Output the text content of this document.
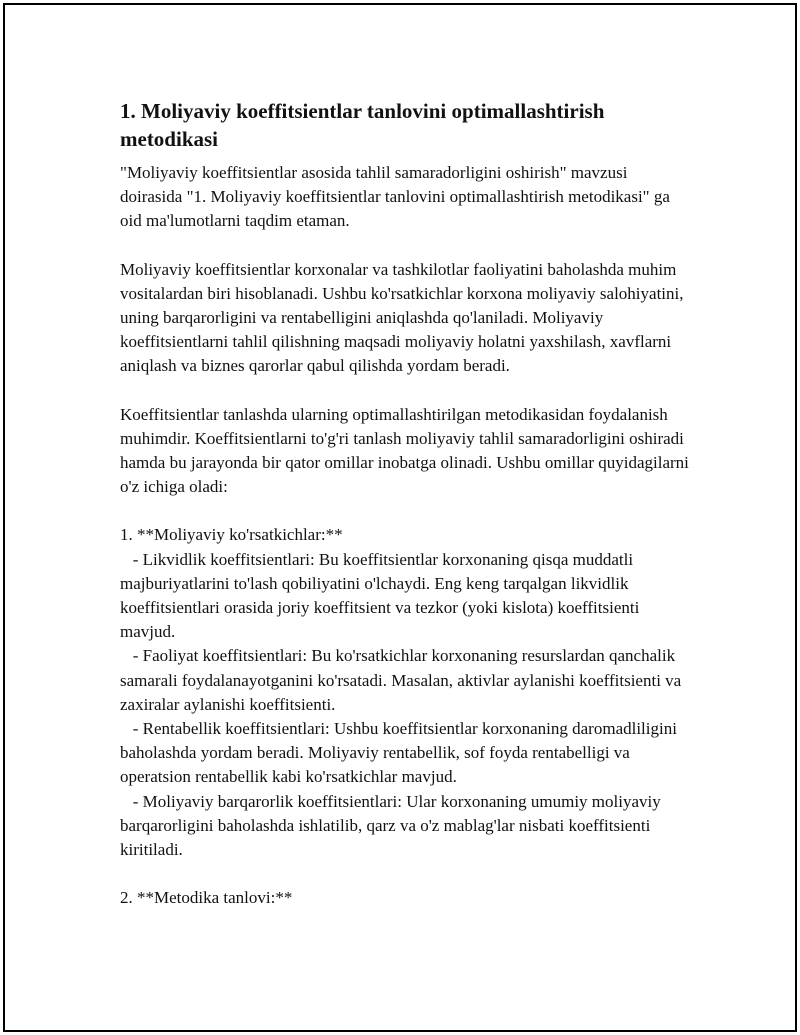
1. Moliyaviy koeffitsientlar tanlovini optimallashtirish metodikasi

"Moliyaviy koeffitsientlar asosida tahlil samaradorligini oshirish" mavzusi doirasida "1. Moliyaviy koeffitsientlar tanlovini optimallashtirish metodikasi" ga oid ma'lumotlarni taqdim etaman.

Moliyaviy koeffitsientlar korxonalar va tashkilotlar faoliyatini baholashda muhim vositalardan biri hisoblanadi. Ushbu ko'rsatkichlar korxona moliyaviy salohiyatini, uning barqarorligini va rentabelligini aniqlashda qo'laniladi. Moliyaviy koeffitsientlarni tahlil qilishning maqsadi moliyaviy holatni yaxshilash, xavflarni aniqlash va biznes qarorlar qabul qilishda yordam beradi.

Koeffitsientlar tanlashda ularning optimallashtirilgan metodikasidan foydalanish muhimdir. Koeffitsientlarni to'g'ri tanlash moliyaviy tahlil samaradorligini oshiradi hamda bu jarayonda bir qator omillar inobatga olinadi. Ushbu omillar quyidagilarni o'z ichiga oladi:

1. **Moliyaviy ko'rsatkichlar:**

- Likvidlik koeffitsientlari: Bu koeffitsientlar korxonaning qisqa muddatli majburiyatlarini to'lash qobiliyatini o'lchaydi. Eng keng tarqalgan likvidlik koeffitsientlari orasida joriy koeffitsient va tezkor (yoki kislota) koeffitsienti mavjud.

- Faoliyat koeffitsientlari: Bu ko'rsatkichlar korxonaning resurslardan qanchalik samarali foydalanayotganini ko'rsatadi. Masalan, aktivlar aylanishi koeffitsienti va zaxiralar aylanishi koeffitsienti.

- Rentabellik koeffitsientlari: Ushbu koeffitsientlar korxonaning daromadliligini baholashda yordam beradi. Moliyaviy rentabellik, sof foyda rentabelligi va operatsion rentabellik kabi ko'rsatkichlar mavjud.

- Moliyaviy barqarorlik koeffitsientlari: Ular korxonaning umumiy moliyaviy barqarorligini baholashda ishlatilib, qarz va o'z mablag'lar nisbati koeffitsienti kiritiladi.

2. **Metodika tanlovi:**
